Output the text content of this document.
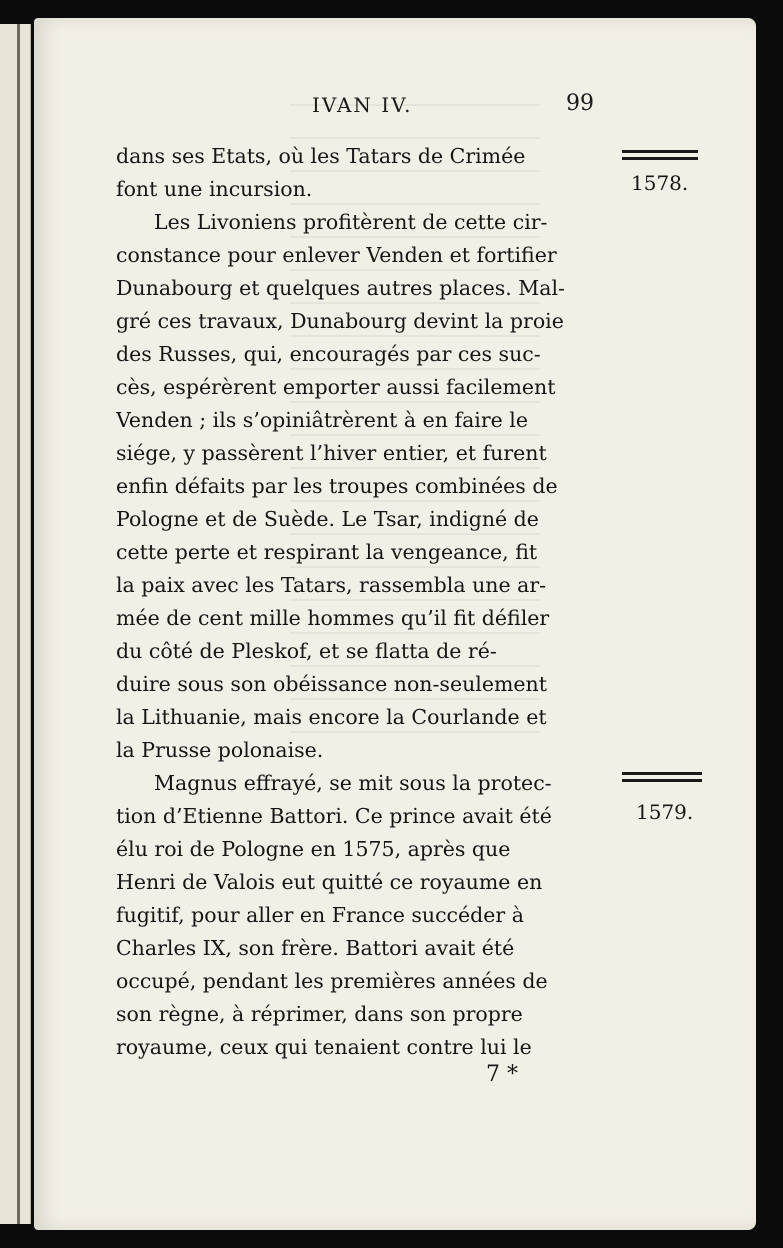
IVAN IV.	99
1578.
1579.
dans ses Etats, où les Tatars de Crimée
font une incursion.
Les Livoniens profitèrent de cette cir-
constance pour enlever Venden et fortifier
Dunabourg et quelques autres places. Mal-
gré ces travaux, Dunabourg devint la proie
des Russes, qui, encouragés par ces suc-
cès, espérèrent emporter aussi facilement
Venden ; ils s’opiniâtrèrent à en faire le
siége, y passèrent l’hiver entier, et furent
enfin défaits par les troupes combinées de
Pologne et de Suède. Le Tsar, indigné de
cette perte et respirant la vengeance, fit
la paix avec les Tatars, rassembla une ar-
mée de cent mille hommes qu’il fit défiler
du côté de Pleskof, et se flatta de ré-
duire sous son obéissance non-seulement
la Lithuanie, mais encore la Courlande et
la Prusse polonaise.
Magnus effrayé, se mit sous la protec-
tion d’Etienne Battori. Ce prince avait été
élu roi de Pologne en 1575, après que
Henri de Valois eut quitté ce royaume en
fugitif, pour aller en France succéder à
Charles IX, son frère. Battori avait été
occupé, pendant les premières années de
son règne, à réprimer, dans son propre
royaume, ceux qui tenaient contre lui le
7 *
